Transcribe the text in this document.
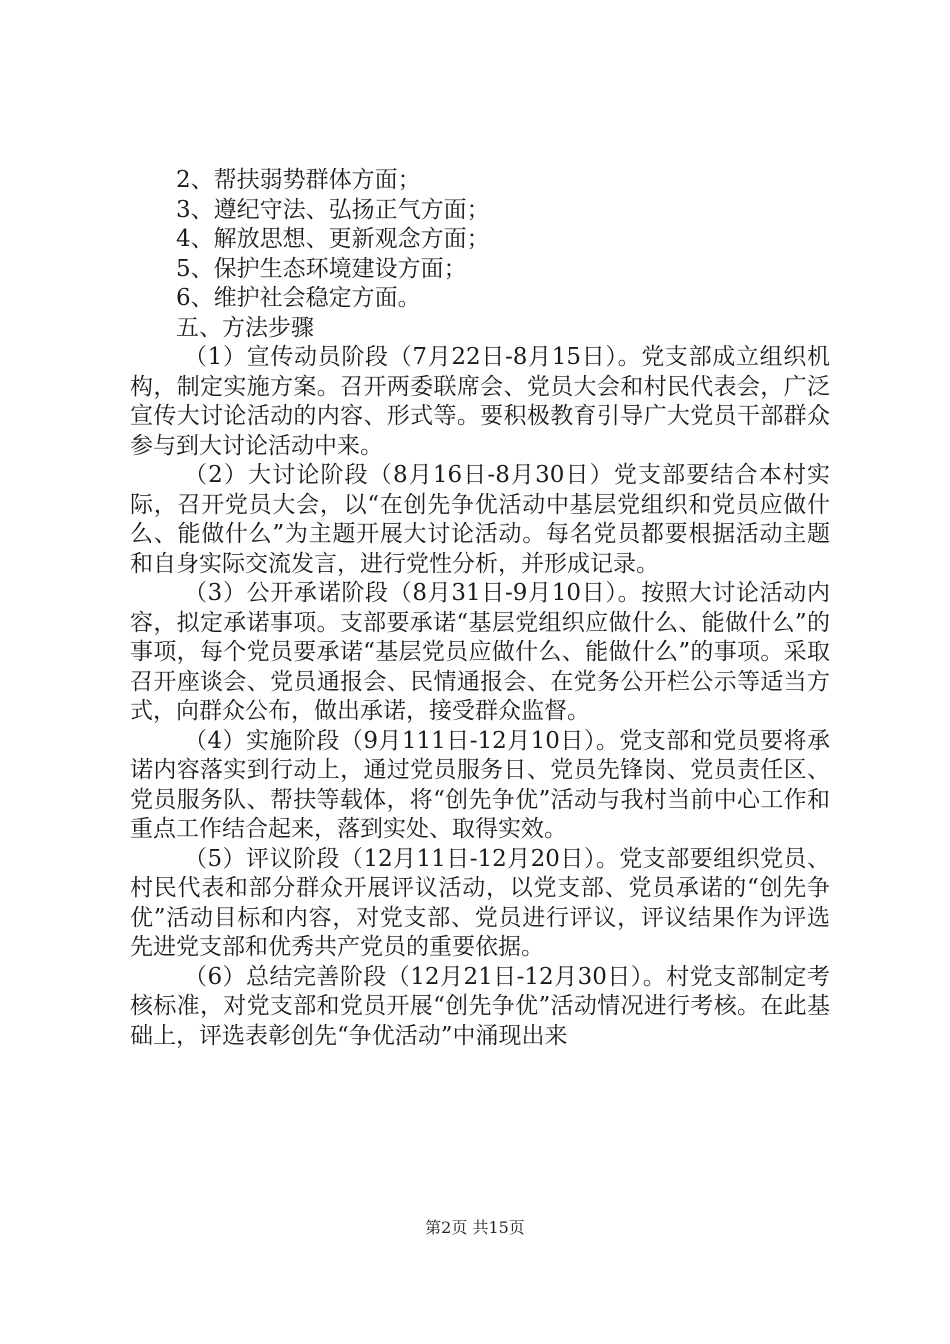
2、帮扶弱势群体方面；
3、遵纪守法、弘扬正气方面；
4、解放思想、更新观念方面；
5、保护生态环境建设方面；
6、维护社会稳定方面。
五、方法步骤
（1）宣传动员阶段（7月22日-8月15日）。党支部成立组织机构，制定实施方案。召开两委联席会、党员大会和村民代表会，广泛宣传大讨论活动的内容、形式等。要积极教育引导广大党员干部群众参与到大讨论活动中来。
（2）大讨论阶段（8月16日-8月30日）党支部要结合本村实际，召开党员大会，以“在创先争优活动中基层党组织和党员应做什么、能做什么”为主题开展大讨论活动。每名党员都要根据活动主题和自身实际交流发言，进行党性分析，并形成记录。
（3）公开承诺阶段（8月31日-9月10日）。按照大讨论活动内容，拟定承诺事项。支部要承诺“基层党组织应做什么、能做什么”的事项，每个党员要承诺“基层党员应做什么、能做什么”的事项。采取召开座谈会、党员通报会、民情通报会、在党务公开栏公示等适当方式，向群众公布，做出承诺，接受群众监督。
（4）实施阶段（9月111日-12月10日）。党支部和党员要将承诺内容落实到行动上，通过党员服务日、党员先锋岗、党员责任区、党员服务队、帮扶等载体，将“创先争优”活动与我村当前中心工作和重点工作结合起来，落到实处、取得实效。
（5）评议阶段（12月11日-12月20日）。党支部要组织党员、村民代表和部分群众开展评议活动，以党支部、党员承诺的“创先争优”活动目标和内容，对党支部、党员进行评议，评议结果作为评选先进党支部和优秀共产党员的重要依据。
（6）总结完善阶段（12月21日-12月30日）。村党支部制定考核标准，对党支部和党员开展“创先争优”活动情况进行考核。在此基础上，评选表彰创先“争优活动”中涌现出来
第2页 共15页
